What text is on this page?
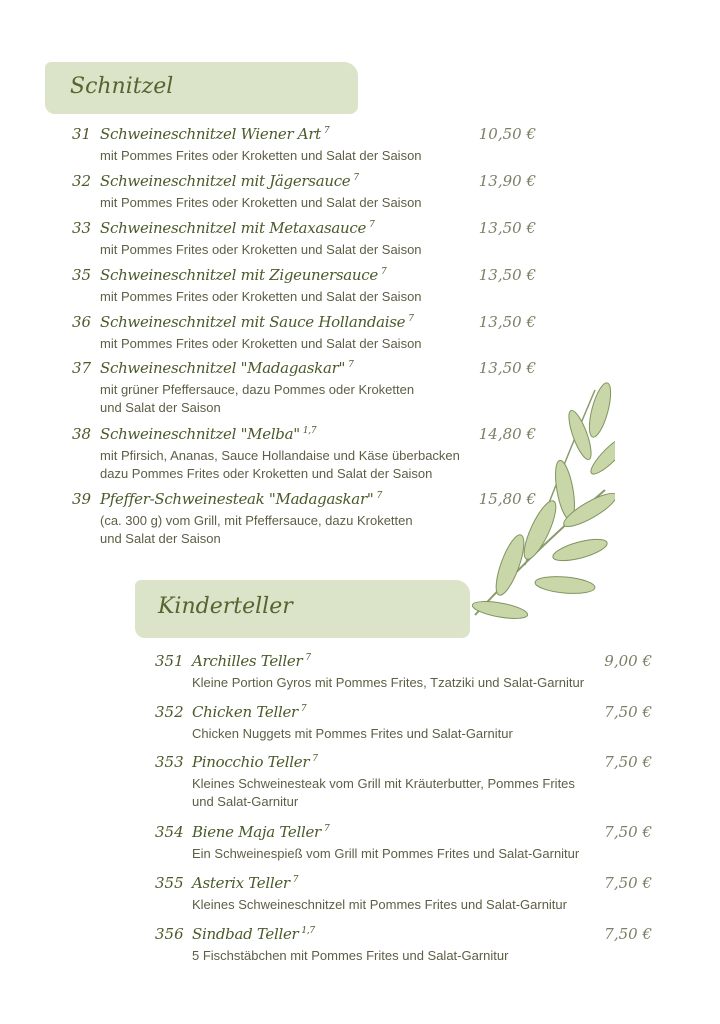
Schnitzel
Kinderteller
31 Schweineschnitzel Wiener Art $^7$	10,50 €
mit Pommes Frites oder Kroketten und Salat der Saison
32 Schweineschnitzel mit Jägersauce $^7$	13,90 €
mit Pommes Frites oder Kroketten und Salat der Saison
33 Schweineschnitzel mit Metaxasauce $^7$	13,50 €
mit Pommes Frites oder Kroketten und Salat der Saison
35 Schweineschnitzel mit Zigeunersauce $^7$	13,50 €
mit Pommes Frites oder Kroketten und Salat der Saison
36 Schweineschnitzel mit Sauce Hollandaise $^7$	13,50 €
mit Pommes Frites oder Kroketten und Salat der Saison
37 Schweineschnitzel "Madagaskar" $^7$	13,50 €
mit grüner Pfeffersauce, dazu Pommes oder Kroketten
und Salat der Saison
38 Schweineschnitzel "Melba" $^{1,7}$	14,80 €
mit Pfirsich, Ananas, Sauce Hollandaise und Käse überbacken
dazu Pommes Frites oder Kroketten und Salat der Saison
39 Pfeffer-Schweinesteak "Madagaskar" $^7$	15,80 €
(ca. 300 g) vom Grill, mit Pfeffersauce, dazu Kroketten
und Salat der Saison
351 Archilles Teller $^7$	9,00 €
Kleine Portion Gyros mit Pommes Frites, Tzatziki und Salat-Garnitur
352 Chicken Teller $^7$	7,50 €
Chicken Nuggets mit Pommes Frites und Salat-Garnitur
353 Pinocchio Teller $^7$	7,50 €
Kleines Schweinesteak vom Grill mit Kräuterbutter, Pommes Frites
und Salat-Garnitur
354 Biene Maja Teller $^7$	7,50 €
Ein Schweinespieß vom Grill mit Pommes Frites und Salat-Garnitur
355 Asterix Teller $^7$	7,50 €
Kleines Schweineschnitzel mit Pommes Frites und Salat-Garnitur
356 Sindbad Teller $^{1,7}$	7,50 €
5 Fischstäbchen mit Pommes Frites und Salat-Garnitur
